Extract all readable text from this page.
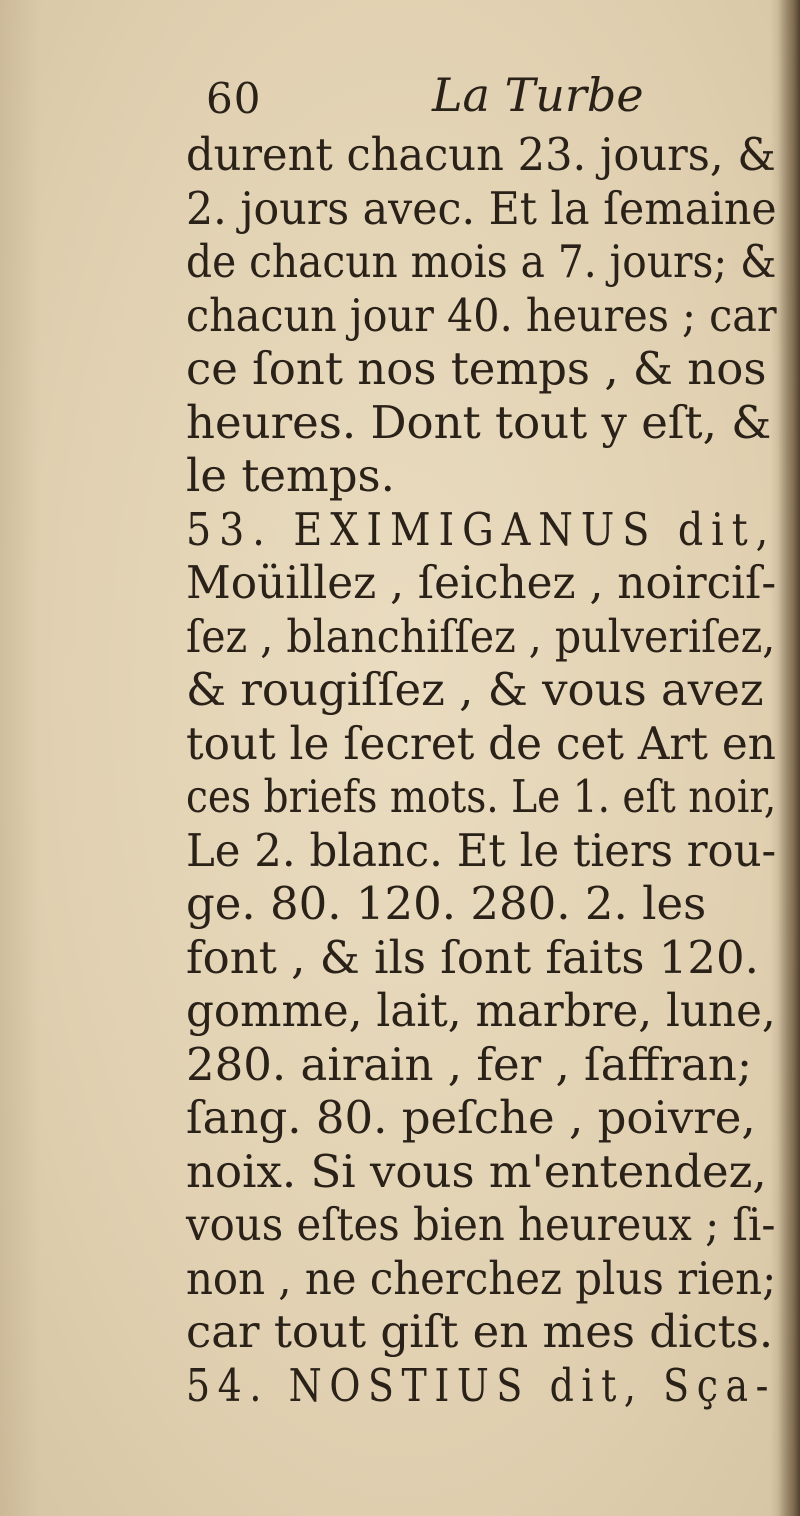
60	La Turbe
durent chacun 23. jours, &
2. jours avec. Et la ſemaine
de chacun mois a 7. jours; &
chacun jour 40. heures ; car
ce ſont nos temps , & nos
heures. Dont tout y eſt, &
le temps.
53. EXIMIGANUS dit,
Moüillez , ſeichez , noirciſ-
ſez , blanchiſſez , pulveriſez,
& rougiſſez , & vous avez
tout le ſecret de cet Art en
ces briefs mots. Le 1. eſt noir,
Le 2. blanc. Et le tiers rou-
ge. 80. 120. 280. 2. les
font , & ils ſont faits 120.
gomme, lait, marbre, lune,
280. airain , fer , ſaffran;
ſang. 80. peſche , poivre,
noix. Si vous m'entendez,
vous eſtes bien heureux ; ſi-
non , ne cherchez plus rien;
car tout giſt en mes dicts.
54. NOSTIUS dit, Sça-
